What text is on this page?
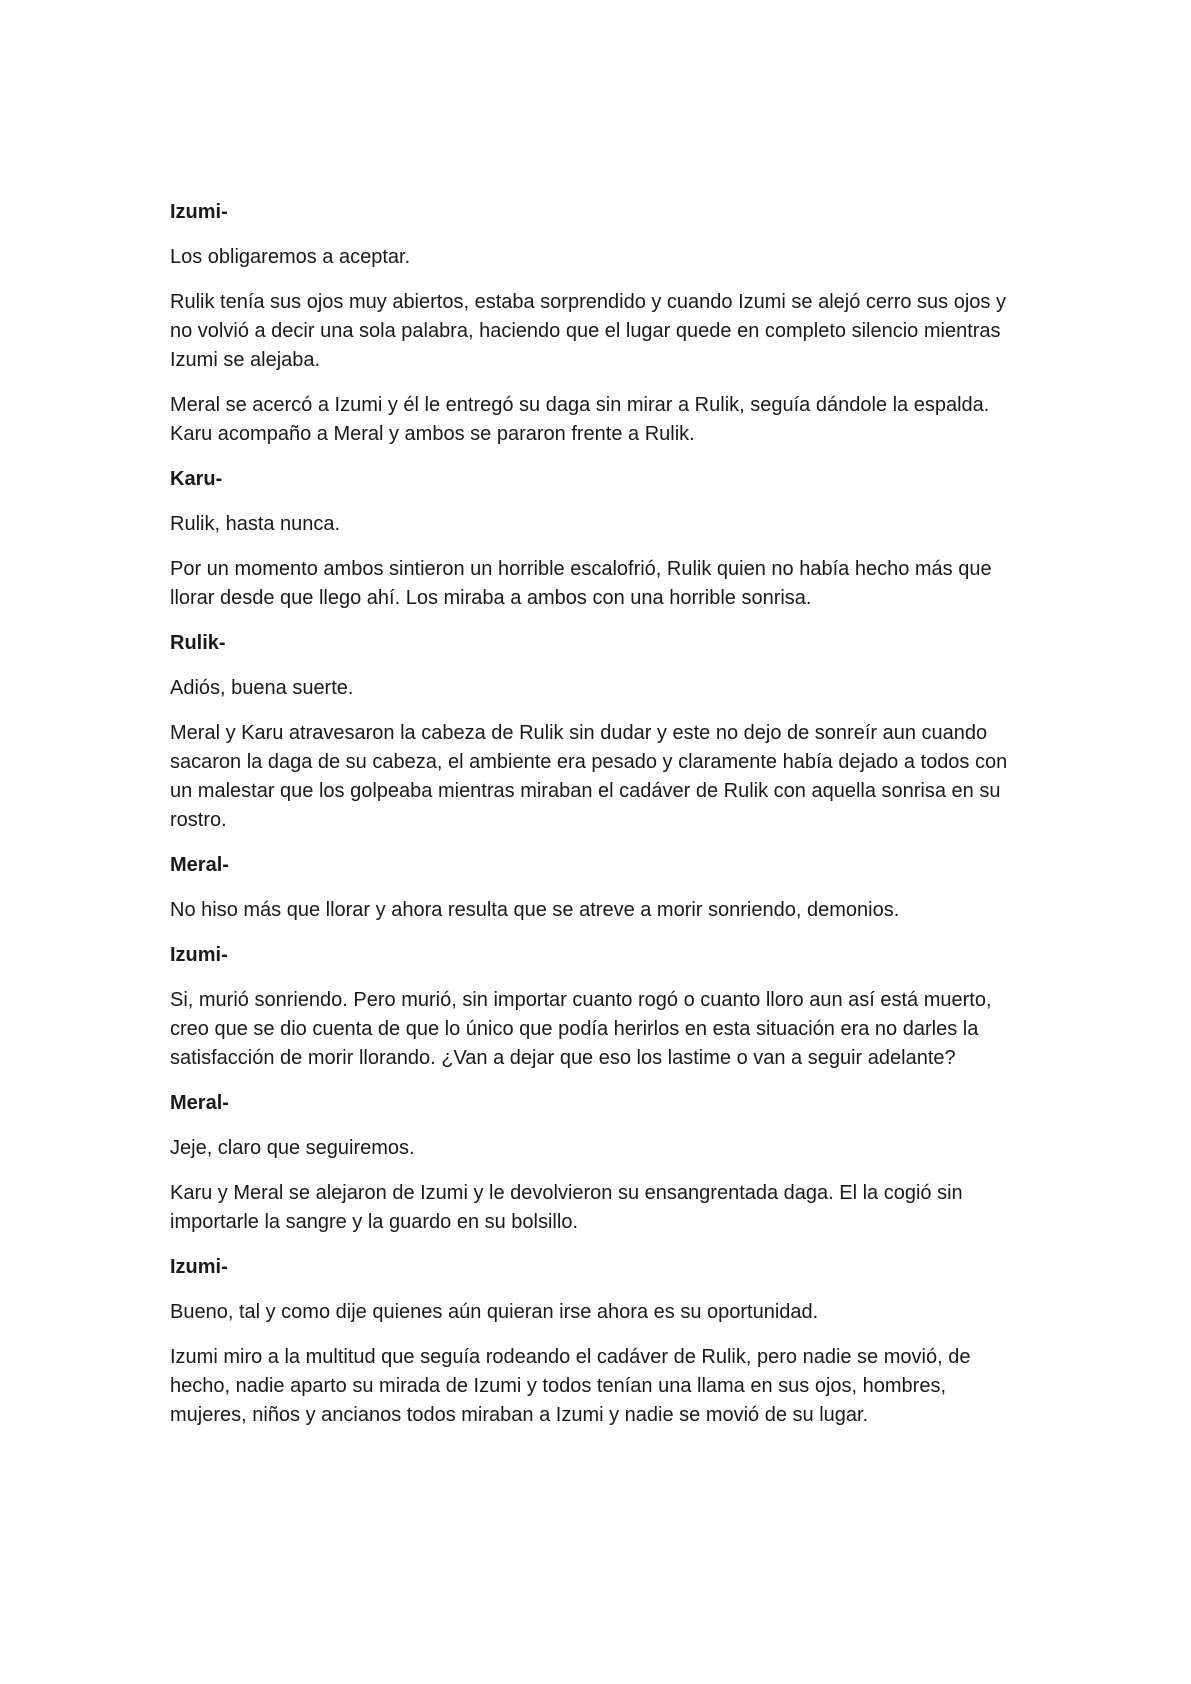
Izumi-

Los obligaremos a aceptar.

Rulik tenía sus ojos muy abiertos, estaba sorprendido y cuando Izumi se alejó cerro sus ojos y no volvió a decir una sola palabra, haciendo que el lugar quede en completo silencio mientras Izumi se alejaba.

Meral se acercó a Izumi y él le entregó su daga sin mirar a Rulik, seguía dándole la espalda. Karu acompaño a Meral y ambos se pararon frente a Rulik.

Karu-

Rulik, hasta nunca.

Por un momento ambos sintieron un horrible escalofrió, Rulik quien no había hecho más que llorar desde que llego ahí. Los miraba a ambos con una horrible sonrisa.

Rulik-

Adiós, buena suerte.

Meral y Karu atravesaron la cabeza de Rulik sin dudar y este no dejo de sonreír aun cuando sacaron la daga de su cabeza, el ambiente era pesado y claramente había dejado a todos con un malestar que los golpeaba mientras miraban el cadáver de Rulik con aquella sonrisa en su rostro.

Meral-

No hiso más que llorar y ahora resulta que se atreve a morir sonriendo, demonios.

Izumi-

Si, murió sonriendo. Pero murió, sin importar cuanto rogó o cuanto lloro aun así está muerto, creo que se dio cuenta de que lo único que podía herirlos en esta situación era no darles la satisfacción de morir llorando. ¿Van a dejar que eso los lastime o van a seguir adelante?

Meral-

Jeje, claro que seguiremos.

Karu y Meral se alejaron de Izumi y le devolvieron su ensangrentada daga. El la cogió sin importarle la sangre y la guardo en su bolsillo.

Izumi-

Bueno, tal y como dije quienes aún quieran irse ahora es su oportunidad.

Izumi miro a la multitud que seguía rodeando el cadáver de Rulik, pero nadie se movió, de hecho, nadie aparto su mirada de Izumi y todos tenían una llama en sus ojos, hombres, mujeres, niños y ancianos todos miraban a Izumi y nadie se movió de su lugar.
